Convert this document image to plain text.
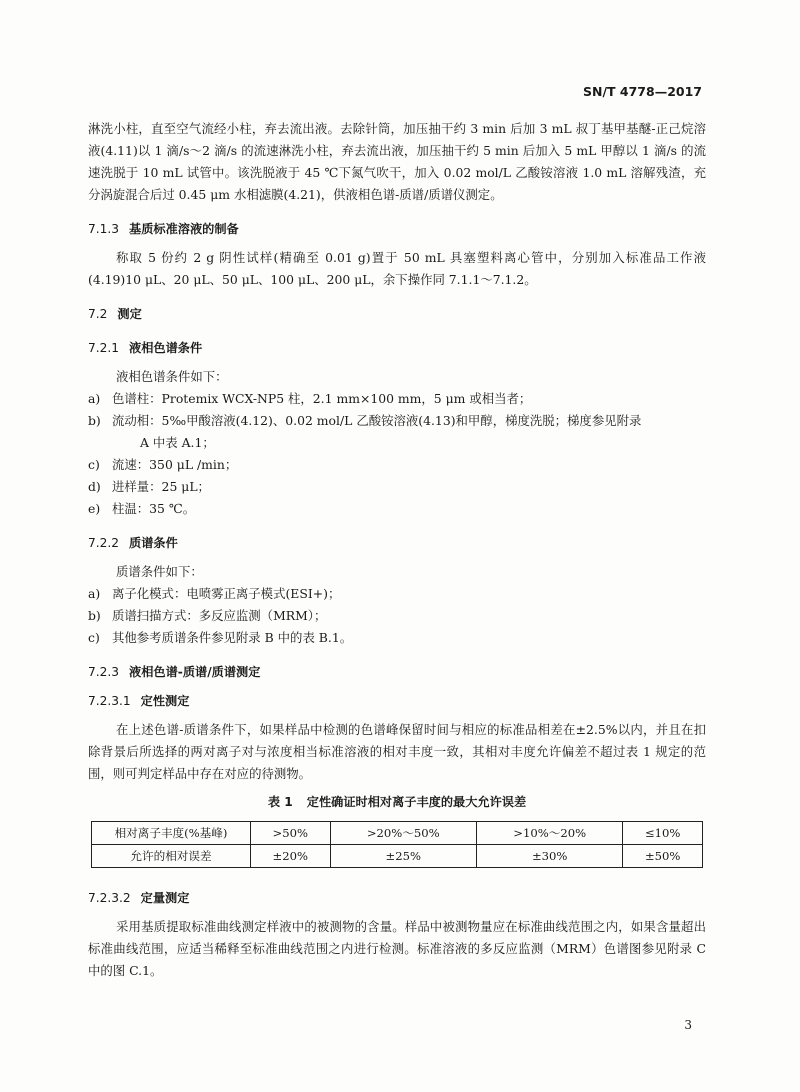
SN/T 4778—2017

淋洗小柱，直至空气流经小柱，弃去流出液。去除针筒，加压抽干约 3 min 后加 3 mL 叔丁基甲基醚-正己烷溶液(4.11)以 1 滴/s～2 滴/s 的流速淋洗小柱，弃去流出液，加压抽干约 5 min 后加入 5 mL 甲醇以 1 滴/s 的流速洗脱于 10 mL 试管中。该洗脱液于 45 ℃下氮气吹干，加入 0.02 mol/L 乙酸铵溶液 1.0 mL 溶解残渣，充分涡旋混合后过 0.45 μm 水相滤膜(4.21)，供液相色谱-质谱/质谱仪测定。

7.1.3 基质标准溶液的制备

称取 5 份约 2 g 阴性试样(精确至 0.01 g)置于 50 mL 具塞塑料离心管中，分别加入标准品工作液(4.19)10 μL、20 μL、50 μL、100 μL、200 μL，余下操作同 7.1.1～7.1.2。

7.2 测定
7.2.1 液相色谱条件
液相色谱条件如下：
a) 色谱柱：Protemix WCX-NP5 柱，2.1 mm×100 mm，5 μm 或相当者；
b) 流动相：5‰甲酸溶液(4.12)、0.02 mol/L 乙酸铵溶液(4.13)和甲醇，梯度洗脱；梯度参见附录
A 中表 A.1；
c) 流速：350 μL /min；
d) 进样量：25 μL；
e) 柱温：35 ℃。
7.2.2 质谱条件
质谱条件如下：
a) 离子化模式：电喷雾正离子模式(ESI+)；
b) 质谱扫描方式：多反应监测（MRM）；
c) 其他参考质谱条件参见附录 B 中的表 B.1。
7.2.3 液相色谱-质谱/质谱测定
7.2.3.1 定性测定

在上述色谱-质谱条件下，如果样品中检测的色谱峰保留时间与相应的标准品相差在±2.5%以内，并且在扣除背景后所选择的两对离子对与浓度相当标准溶液的相对丰度一致，其相对丰度允许偏差不超过表 1 规定的范围，则可判定样品中存在对应的待测物。

表 1 定性确证时相对离子丰度的最大允许误差
相对离子丰度(%基峰)	>50%	>20%～50%	>10%～20%	≤10%
允许的相对误差	±20%	±25%	±30%	±50%
7.2.3.2 定量测定

采用基质提取标准曲线测定样液中的被测物的含量。样品中被测物量应在标准曲线范围之内，如果含量超出标准曲线范围，应适当稀释至标准曲线范围之内进行检测。标准溶液的多反应监测（MRM）色谱图参见附录 C 中的图 C.1。

3
